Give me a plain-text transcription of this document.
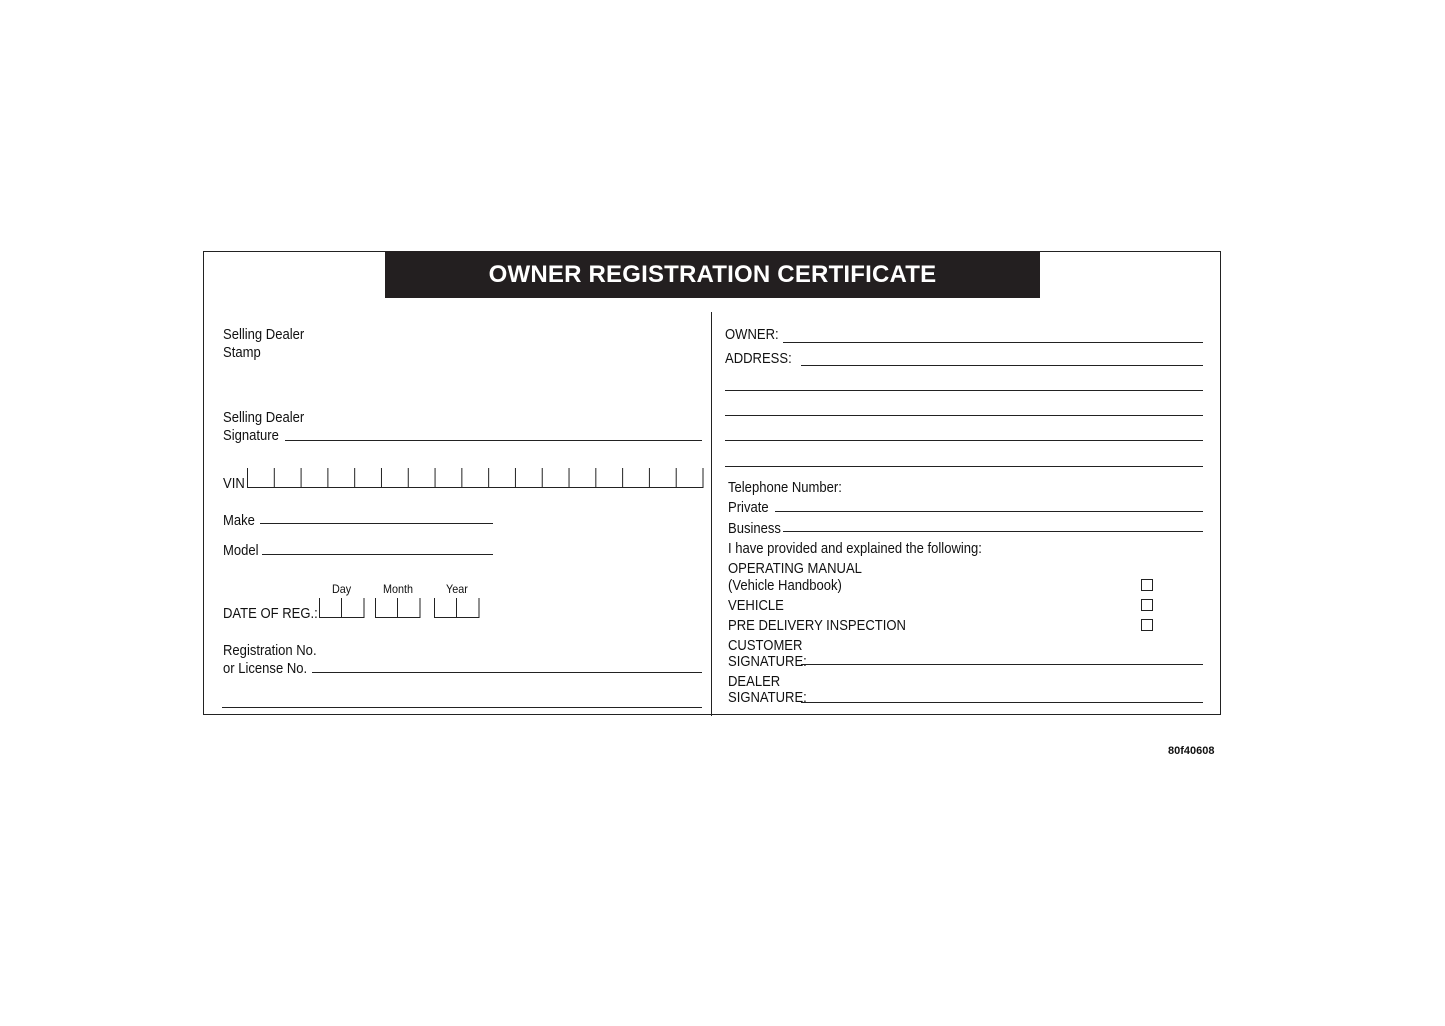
OWNER REGISTRATION CERTIFICATE
Selling Dealer
Stamp
Selling Dealer
Signature
VIN
Make
Model
Day	Month	Year
DATE OF REG.:
Registration No.
or License No.
OWNER:
ADDRESS:
Telephone Number:
Private
Business
I have provided and explained the following:
OPERATING MANUAL
(Vehicle Handbook)
VEHICLE
PRE DELIVERY INSPECTION
CUSTOMER
SIGNATURE:
DEALER
SIGNATURE:
80f40608
